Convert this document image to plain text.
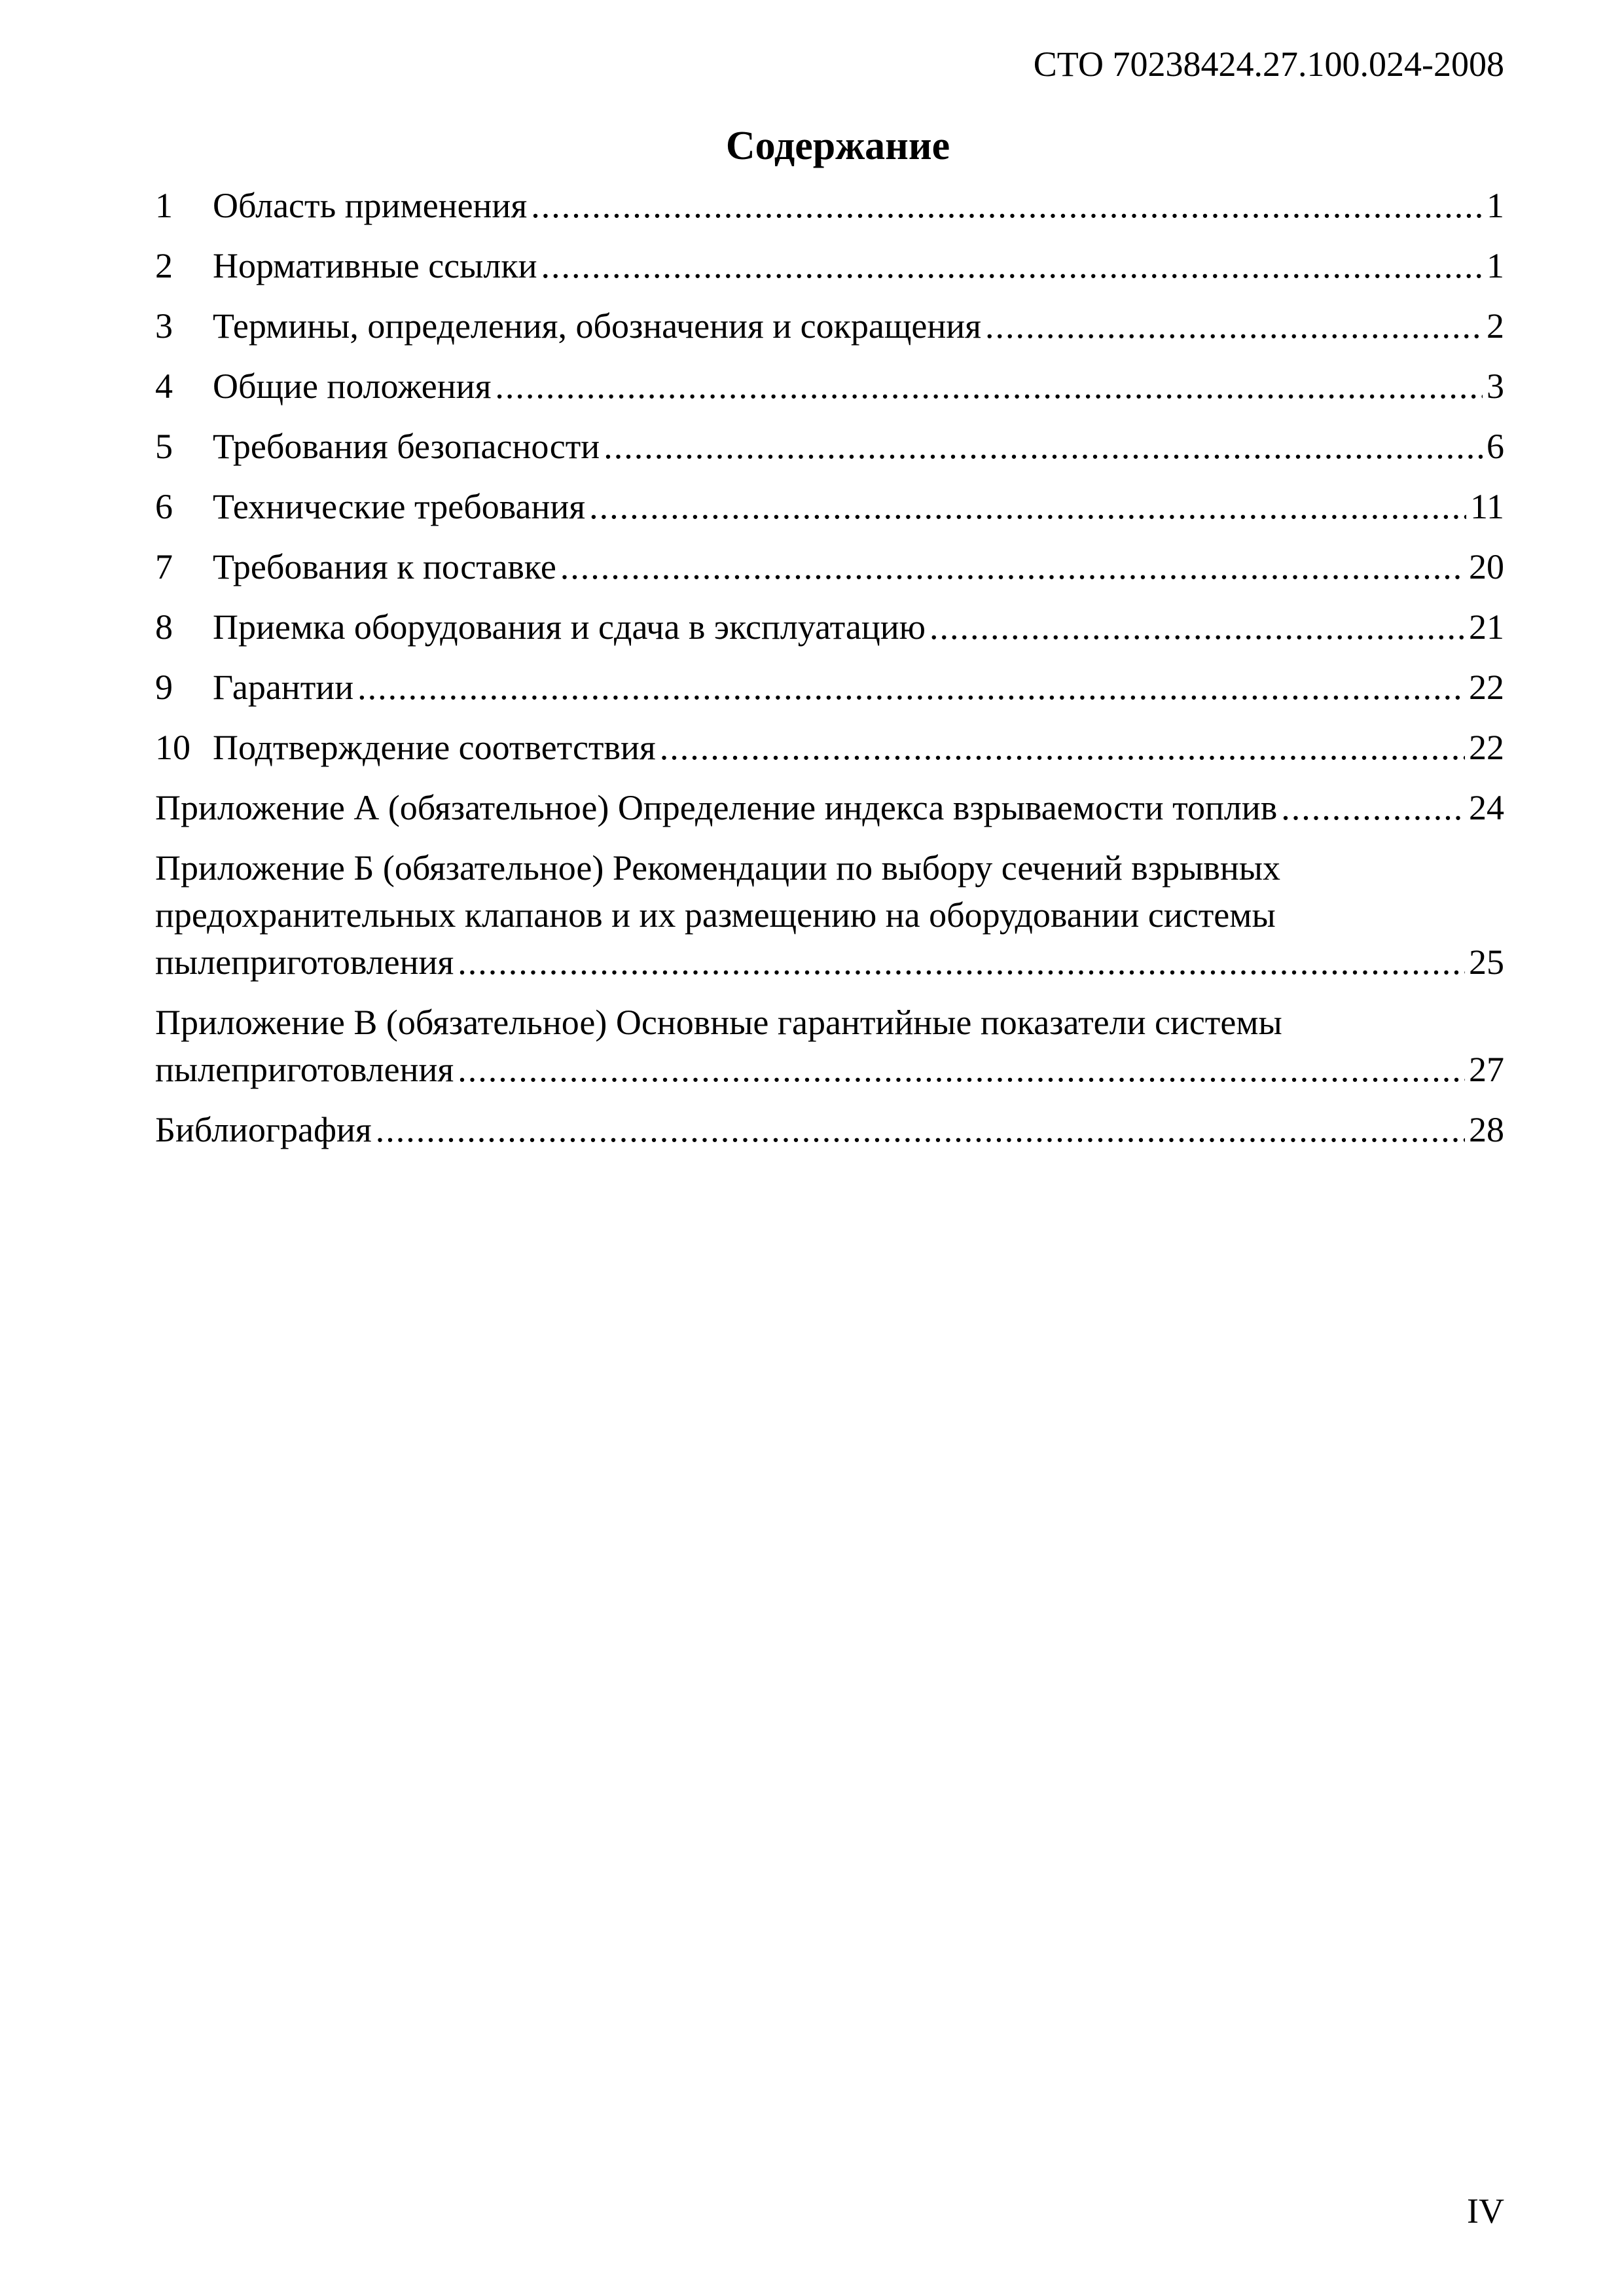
СТО 70238424.27.100.024-2008
Содержание
1	Область применения .....	1
2	Нормативные ссылки .....	1
3	Термины, определения, обозначения и сокращения .....	2
4	Общие положения .....	3
5	Требования безопасности .....	6
6	Технические требования .....	11
7	Требования к поставке .....	20
8	Приемка оборудования и сдача в эксплуатацию .....	21
9	Гарантии .....	22
10 Подтверждение соответствия .....	22
Приложение А (обязательное) Определение индекса взрываемости топлив .....	24
Приложение Б (обязательное) Рекомендации по выбору сечений взрывных
предохранительных клапанов и их размещению на оборудовании системы
пылеприготовления .....	25
Приложение В (обязательное) Основные гарантийные показатели системы
пылеприготовления .....	27
Библиография .....	28
IV
